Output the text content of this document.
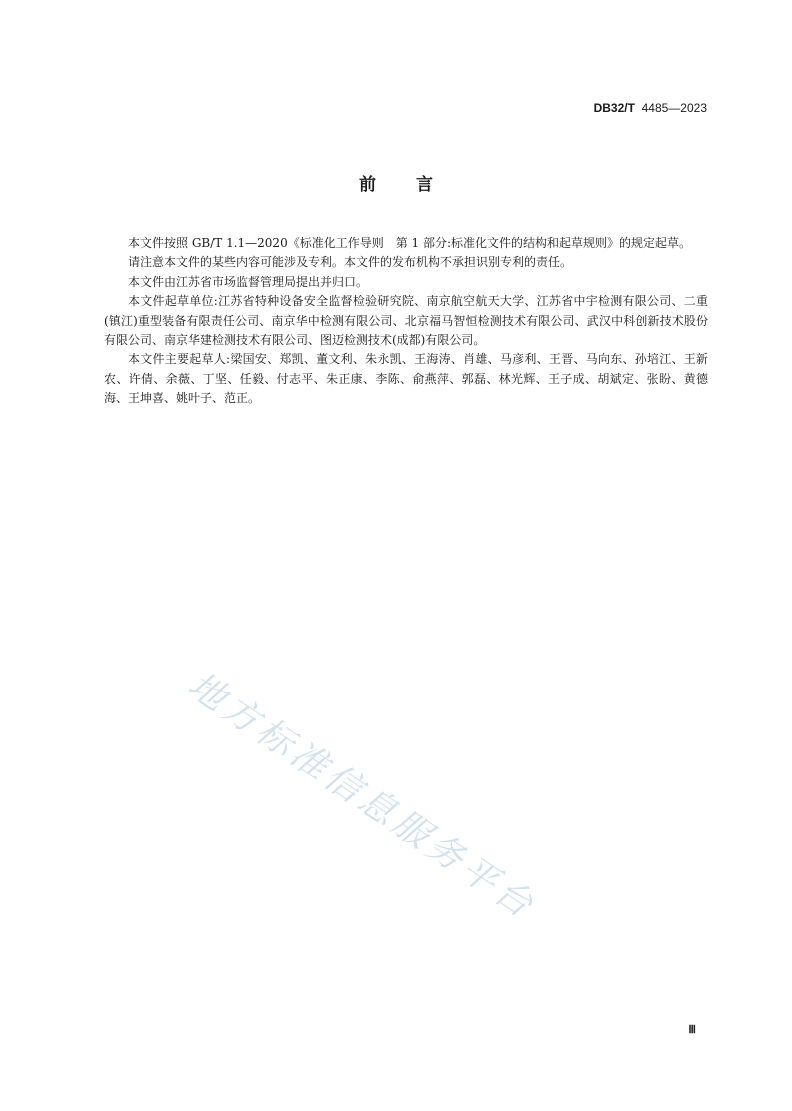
DB32/T 4485—2023
前言

本文件按照 GB/T 1.1—2020《标准化工作导则　第 1 部分:标准化文件的结构和起草规则》的规定起草。

请注意本文件的某些内容可能涉及专利。本文件的发布机构不承担识别专利的责任。

本文件由江苏省市场监督管理局提出并归口。

本文件起草单位:江苏省特种设备安全监督检验研究院、南京航空航天大学、江苏省中宇检测有限公司、二重(镇江)重型装备有限责任公司、南京华中检测有限公司、北京福马智恒检测技术有限公司、武汉中科创新技术股份有限公司、南京华建检测技术有限公司、图迈检测技术(成都)有限公司。

本文件主要起草人:梁国安、郑凯、董文利、朱永凯、王海涛、肖雄、马彦利、王晋、马向东、孙培江、王新农、许倩、余薇、丁坚、任毅、付志平、朱正康、李陈、俞燕萍、郭磊、林光辉、王子成、胡斌定、张盼、黄德海、王坤喜、姚叶子、范正。

地方标准信息服务平台
Ⅲ
